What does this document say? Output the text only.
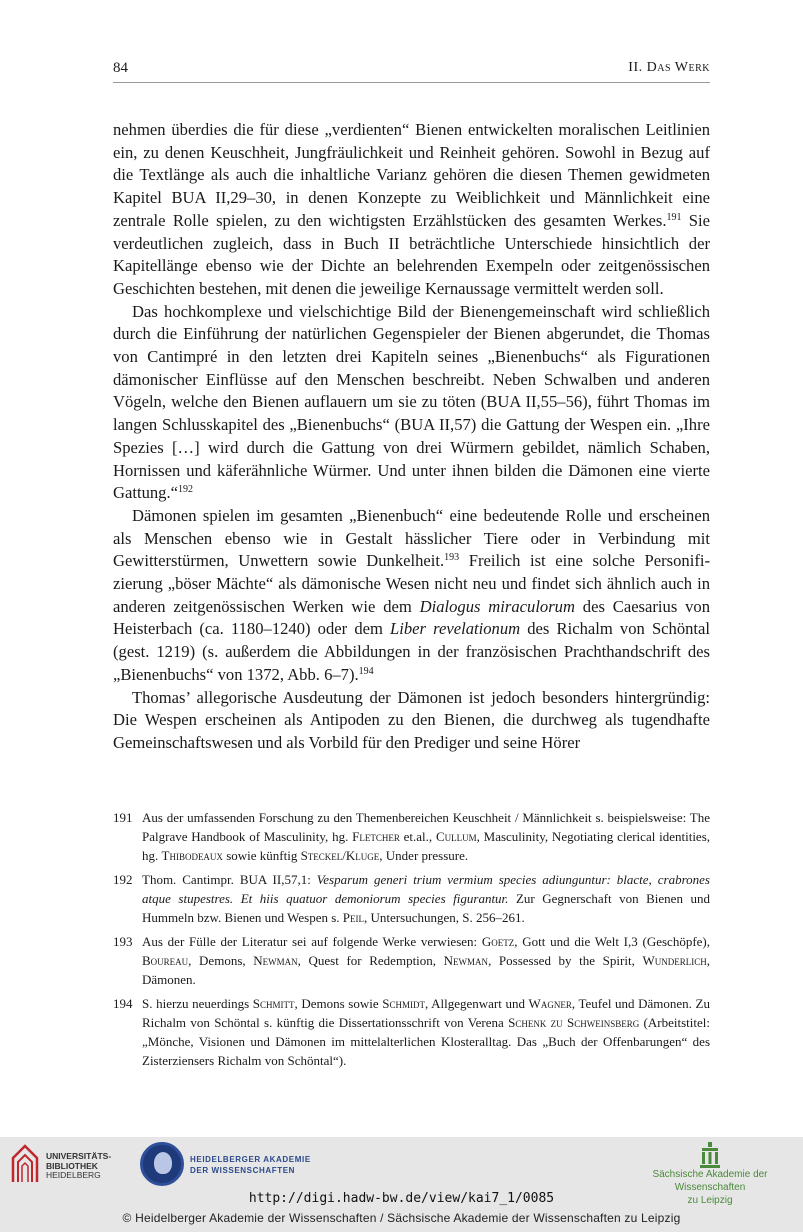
84	II. Das Werk

nehmen überdies die für diese „verdienten“ Bienen entwickelten moralischen Leitlinien ein, zu denen Keuschheit, Jungfräulichkeit und Reinheit gehören. Sowohl in Bezug auf die Textlänge als auch die inhaltliche Varianz gehören die diesen Themen gewidmeten Kapitel BUA II,29–30, in denen Konzepte zu Weiblichkeit und Männlichkeit eine zentrale Rolle spielen, zu den wichtigsten Erzählstücken des gesamten Werkes.$^{191}$ Sie verdeutlichen zugleich, dass in Buch II beträchtliche Unterschiede hinsichtlich der Kapitellänge ebenso wie der Dichte an belehrenden Exempeln oder zeitgenössischen Geschichten bestehen, mit denen die jeweilige Kernaussage vermittelt werden soll.

Das hochkomplexe und vielschichtige Bild der Bienengemeinschaft wird schließlich durch die Einführung der natürlichen Gegenspieler der Bienen abgerundet, die Thomas von Cantimpré in den letzten drei Kapiteln seines „Bienenbuchs“ als Figurationen dämonischer Einflüsse auf den Menschen beschreibt. Neben Schwalben und anderen Vögeln, welche den Bienen auflauern um sie zu töten (BUA II,55–56), führt Thomas im langen Schlusskapitel des „Bienenbuchs“ (BUA II,57) die Gattung der Wespen ein. „Ihre Spezies […] wird durch die Gattung von drei Würmern gebildet, nämlich Schaben, Hornissen und käferähnliche Würmer. Und unter ihnen bilden die Dämonen eine vierte Gattung.“$^{192}$

Dämonen spielen im gesamten „Bienenbuch“ eine bedeutende Rolle und erscheinen als Menschen ebenso wie in Gestalt hässlicher Tiere oder in Verbindung mit Gewitterstürmen, Unwettern sowie Dunkelheit.$^{193}$ Freilich ist eine solche Personifizierung „böser Mächte“ als dämonische Wesen nicht neu und findet sich ähnlich auch in anderen zeitgenössischen Werken wie dem Dialogus miraculorum des Caesarius von Heisterbach (ca. 1180–1240) oder dem Liber revelationum des Richalm von Schöntal (gest. 1219) (s. außerdem die Abbildungen in der französischen Prachthandschrift des „Bienenbuchs“ von 1372, Abb. 6–7).$^{194}$

Thomas’ allegorische Ausdeutung der Dämonen ist jedoch besonders hintergründig: Die Wespen erscheinen als Antipoden zu den Bienen, die durchweg als tugendhafte Gemeinschaftswesen und als Vorbild für den Prediger und seine Hörer

191 Aus der umfassenden Forschung zu den Themenbereichen Keuschheit / Männlichkeit s. beispielsweise: The Palgrave Handbook of Masculinity, hg. Fletcher et.al., Cullum, Masculinity, Negotiating clerical identities, hg. Thibodeaux sowie künftig Steckel/Kluge, Under pressure.
192 Thom. Cantimpr. BUA II,57,1: Vesparum generi trium vermium species adiunguntur: blacte, crabrones atque stupestres. Et hiis quatuor demoniorum species figurantur. Zur Gegnerschaft von Bienen und Hummeln bzw. Bienen und Wespen s. Peil, Untersuchungen, S. 256–261.
193 Aus der Fülle der Literatur sei auf folgende Werke verwiesen: Goetz, Gott und die Welt I,3 (Geschöpfe), Boureau, Demons, Newman, Quest for Redemption, Newman, Possessed by the Spirit, Wunderlich, Dämonen.
194 S. hierzu neuerdings Schmitt, Demons sowie Schmidt, Allgegenwart und Wagner, Teufel und Dämonen. Zu Richalm von Schöntal s. künftig die Dissertationsschrift von Verena Schenk zu Schweinsberg (Arbeitstitel: „Mönche, Visionen und Dämonen im mittelalterlichen Klosteralltag. Das „Buch der Offenbarungen“ des Zisterziensers Richalm von Schöntal“).
UNIVERSITÄTS-
BIBLIOTHEK
HEIDELBERG
HEIDELBERGER AKADEMIE
DER WISSENSCHAFTEN	Sächsische Akademie der Wissenschaften
zu Leipzig
http://digi.hadw-bw.de/view/kai7_1/0085
© Heidelberger Akademie der Wissenschaften / Sächsische Akademie der Wissenschaften zu Leipzig
